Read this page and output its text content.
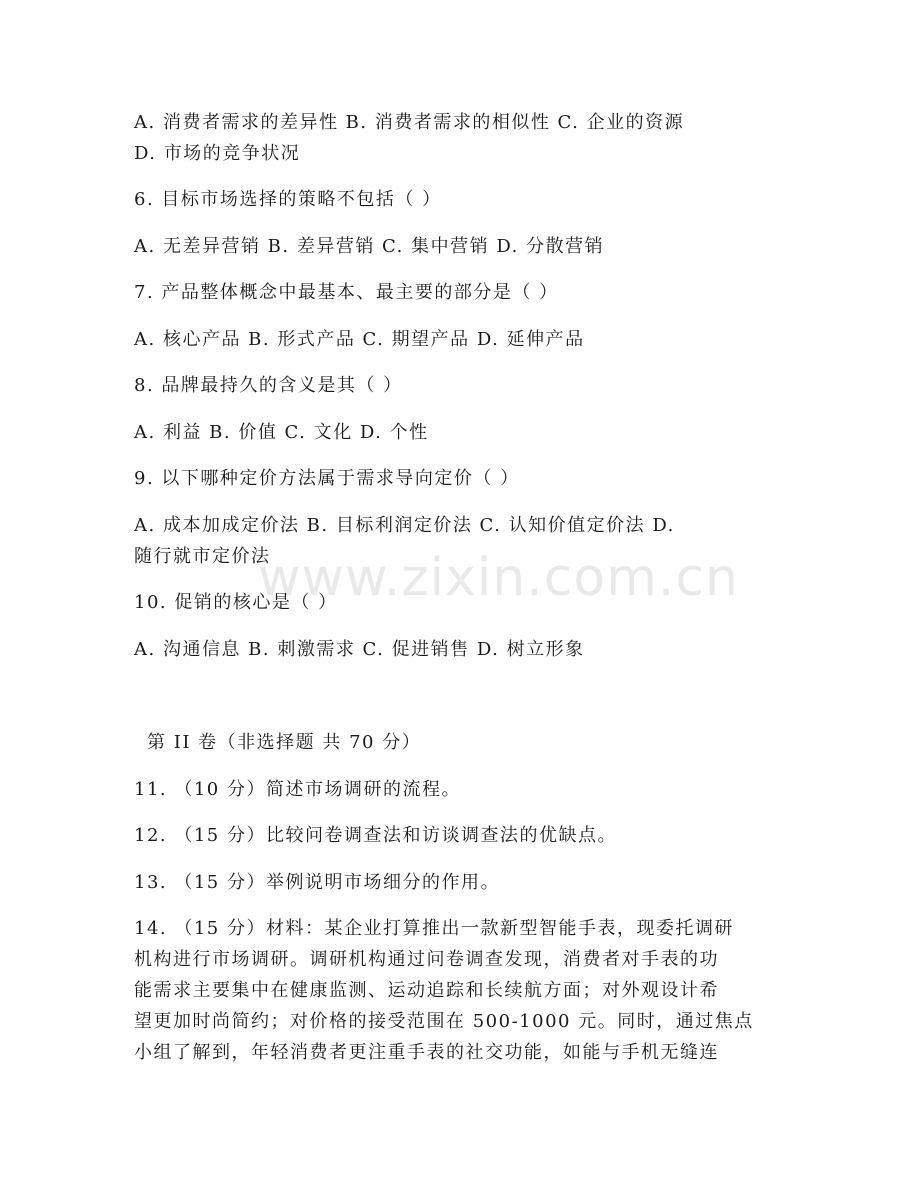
www.zixin.com.cn
A. 消费者需求的差异性 B. 消费者需求的相似性 C. 企业的资源
D. 市场的竞争状况
6. 目标市场选择的策略不包括（ ）
A. 无差异营销 B. 差异营销 C. 集中营销 D. 分散营销
7. 产品整体概念中最基本、最主要的部分是（ ）
A. 核心产品 B. 形式产品 C. 期望产品 D. 延伸产品
8. 品牌最持久的含义是其（ ）
A. 利益 B. 价值 C. 文化 D. 个性
9. 以下哪种定价方法属于需求导向定价（ ）
A. 成本加成定价法 B. 目标利润定价法 C. 认知价值定价法 D.
随行就市定价法
10. 促销的核心是（ ）
A. 沟通信息 B. 刺激需求 C. 促进销售 D. 树立形象
第 II 卷（非选择题 共 70 分）
11. （10 分）简述市场调研的流程。
12. （15 分）比较问卷调查法和访谈调查法的优缺点。
13. （15 分）举例说明市场细分的作用。
14. （15 分）材料：某企业打算推出一款新型智能手表，现委托调研
机构进行市场调研。调研机构通过问卷调查发现，消费者对手表的功
能需求主要集中在健康监测、运动追踪和长续航方面；对外观设计希
望更加时尚简约；对价格的接受范围在 500-1000 元。同时，通过焦点
小组了解到，年轻消费者更注重手表的社交功能，如能与手机无缝连
